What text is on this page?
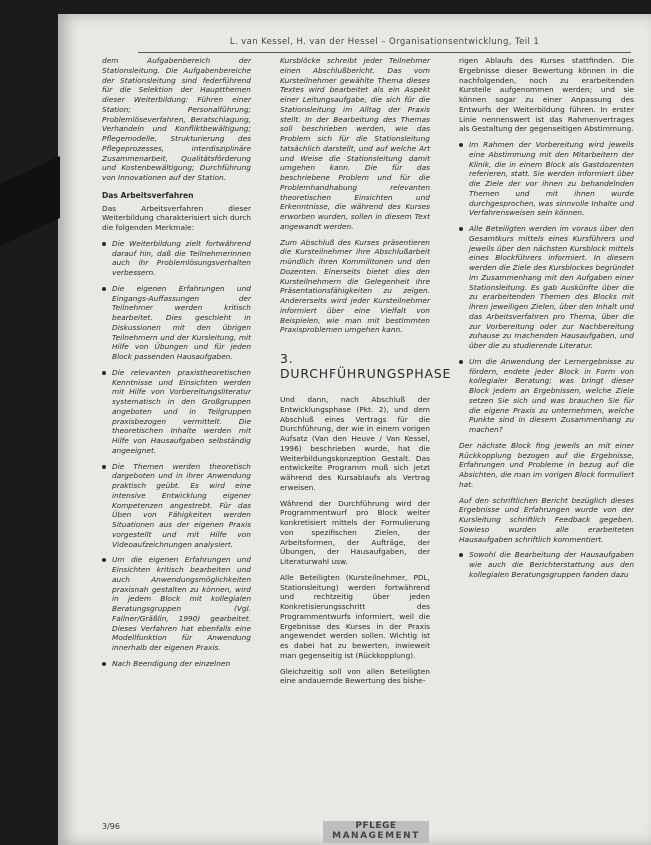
L. van Kessel, H. van der Hessel – Organisationsentwicklung, Teil 1

dem Aufgabenbereich der Stationsleitung. Die Aufgabenbereiche der Stationsleitung sind federführend für die Selektion der Hauptthemen dieser Weiterbildung: Führen einer Station; Personalführung; Problemlöseverfahren, Beratschlagung, Verhandeln und Konfliktbewältigung; Pflegemodelle, Strukturierung des Pflegeprozesses, interdisziplinäre Zusammenarbeit, Qualitätsförderung und Kostenbewältigung; Durchführung von Innovationen auf der Station.

Das Arbeitsverfahren

Das Arbeitsverfahren dieser Weiterbildung charakterisiert sich durch die folgenden Merkmale:

Die Weiterbildung zielt fortwährend darauf hin, daß die Teilnehmerinnen auch ihr Problemlösungsverhalten verbessern.
Die eigenen Erfahrungen und Eingangs-Auffassungen der Teilnehmer werden kritisch bearbeitet. Dies geschieht in Diskussionen mit den übrigen Teilnehmern und der Kursleitung, mit Hilfe von Übungen und für jeden Block passenden Hausaufgaben.
Die relevanten praxistheoretischen Kenntnisse und Einsichten werden mit Hilfe von Vorbereitungsliteratur systematisch in den Großgruppen angeboten und in Teilgruppen praxisbezogen vermittelt. Die theoretischen Inhalte werden mit Hilfe von Hausaufgaben selbständig angeeignet.
Die Themen werden theoretisch dargeboten und in ihrer Anwendung praktisch geübt. Es wird eine intensive Entwicklung eigener Kompetenzen angestrebt. Für das Üben von Fähigkeiten werden Situationen aus der eigenen Praxis vorgestellt und mit Hilfe von Videoaufzeichnungen analysiert.
Um die eigenen Erfahrungen und Einsichten kritisch bearbeiten und auch Anwendungsmöglichkeiten praxisnah gestalten zu können, wird in jedem Block mit kollegialen Beratungsgruppen (Vgl. Fallner/Gräßlin, 1990) gearbeitet. Dieses Verfahren hat ebenfalls eine Modellfunktion für Anwendung innerhalb der eigenen Praxis.
Nach Beendigung der einzelnen

Kursblöcke schreibt jeder Teilnehmer einen Abschlußbericht. Das vom Kursteilnehmer gewählte Thema dieses Textes wird bearbeitet als ein Aspekt einer Leitungsaufgabe, die sich für die Stationsleitung im Alltag der Praxis stellt. In der Bearbeitung des Themas soll beschrieben werden, wie das Problem sich für die Stationsleitung tatsächlich darstellt, und auf welche Art und Weise die Stationsleitung damit umgehen kann. Die für das beschriebene Problem und für die Problemhandhabung relevanten theoretischen Einsichten und Erkenntnisse, die während des Kurses erworben wurden, sollen in diesem Text angewandt werden.

Zum Abschluß des Kurses präsentieren die Kursteilnehmer ihre Abschlußarbeit mündlich ihren Kommilitonen und den Dozenten. Einerseits bietet dies den Kursteilnehmern die Gelegenheit ihre Präsentationsfähigkeiten zu zeigen. Andererseits wird jeder Kursteilnehmer informiert über eine Vielfalt von Beispielen, wie man mit bestimmten Praxisproblemen umgehen kann.

3. DURCHFÜHRUNGSPHASE

Und dann, nach Abschluß der Entwicklungsphase (Pkt. 2), und dem Abschluß eines Vertrags für die Durchführung, der wie in einem vorigen Aufsatz (Van den Heuve / Van Kessel, 1996) beschrieben wurde, hat die Weiterbildungskonzeption Gestalt. Das entwickelte Programm muß sich jetzt während des Kursablaufs als Vertrag erweisen.

Während der Durchführung wird der Programmentwurf pro Block weiter konkretisiert mittels der Formulierung von spezifischen Zielen, der Arbeitsformen, der Aufträge, der Übungen, der Hausaufgaben, der Literaturwahl usw.

Alle Beteiligten (Kursteilnehmer, PDL, Stationsleitung) werden fortwährend und rechtzeitig über jeden Konkretisierungsschritt des Programmentwurfs informiert, weil die Ergebnisse des Kurses in der Praxis angewendet werden sollen. Wichtig ist es dabei hat zu bewerten, inwieweit man gegenseitig ist (Rückkopplung).

Gleichzeitig soll von allen Beteiligten eine andauernde Bewertung des bishe-

rigen Ablaufs des Kurses stattfinden. Die Ergebnisse dieser Bewertung können in die nachfolgenden, noch zu erarbeitenden Kursteile aufgenommen werden; und sie können sogar zu einer Anpassung des Entwurfs der Weiterbildung führen. In erster Linie nennenswert ist das Rahmenvertrages als Gestaltung der gegenseitigen Abstimmung.

Im Rahmen der Vorbereitung wird jeweils eine Abstimmung mit den Mitarbeitern der Klinik, die in einem Block als Gastdozenten referieren, statt. Sie werden informiert über die Ziele der vor ihnen zu behandelnden Themen und mit ihnen wurde durchgesprochen, was sinnvolle Inhalte und Verfahrensweisen sein können.
Alle Beteiligten werden im voraus über den Gesamtkurs mittels eines Kursführers und jeweils über den nächsten Kursblock mittels eines Blockführers informiert. In diesem werden die Ziele des Kursblockes begründet im Zusammenhang mit den Aufgaben einer Stationsleitung. Es gab Auskünfte über die zu erarbeitenden Themen des Blocks mit ihren jeweiligen Zielen, über den Inhalt und das Arbeitsverfahren pro Thema, über die zur Vorbereitung oder zur Nachbereitung zuhause zu machenden Hausaufgaben, und über die zu studierende Literatur.
Um die Anwendung der Lernergebnisse zu fördern, endete jeder Block in Form von kollegialer Beratung; was bringt dieser Block jedem an Ergebnissen, welche Ziele setzen Sie sich und was brauchen Sie für die eigene Praxis zu unternehmen, welche Punkte sind in diesem Zusammenhang zu machen?

Der nächste Block fing jeweils an mit einer Rückkopplung bezogen auf die Ergebnisse, Erfahrungen und Probleme in bezug auf die Absichten, die man im vorigen Block formuliert hat.

Auf den schriftlichen Bericht bezüglich dieses Ergebnisse und Erfahrungen wurde von der Kursleitung schriftlich Feedback gegeben. Sowieso wurden alle erarbeiteten Hausaufgaben schriftlich kommentiert.

Sowohl die Bearbeitung der Hausaufgaben wie auch die Berichterstattung aus den kollegialen Beratungsgruppen fanden dazu
3/96	PFLEGE
MANAGEMENT
